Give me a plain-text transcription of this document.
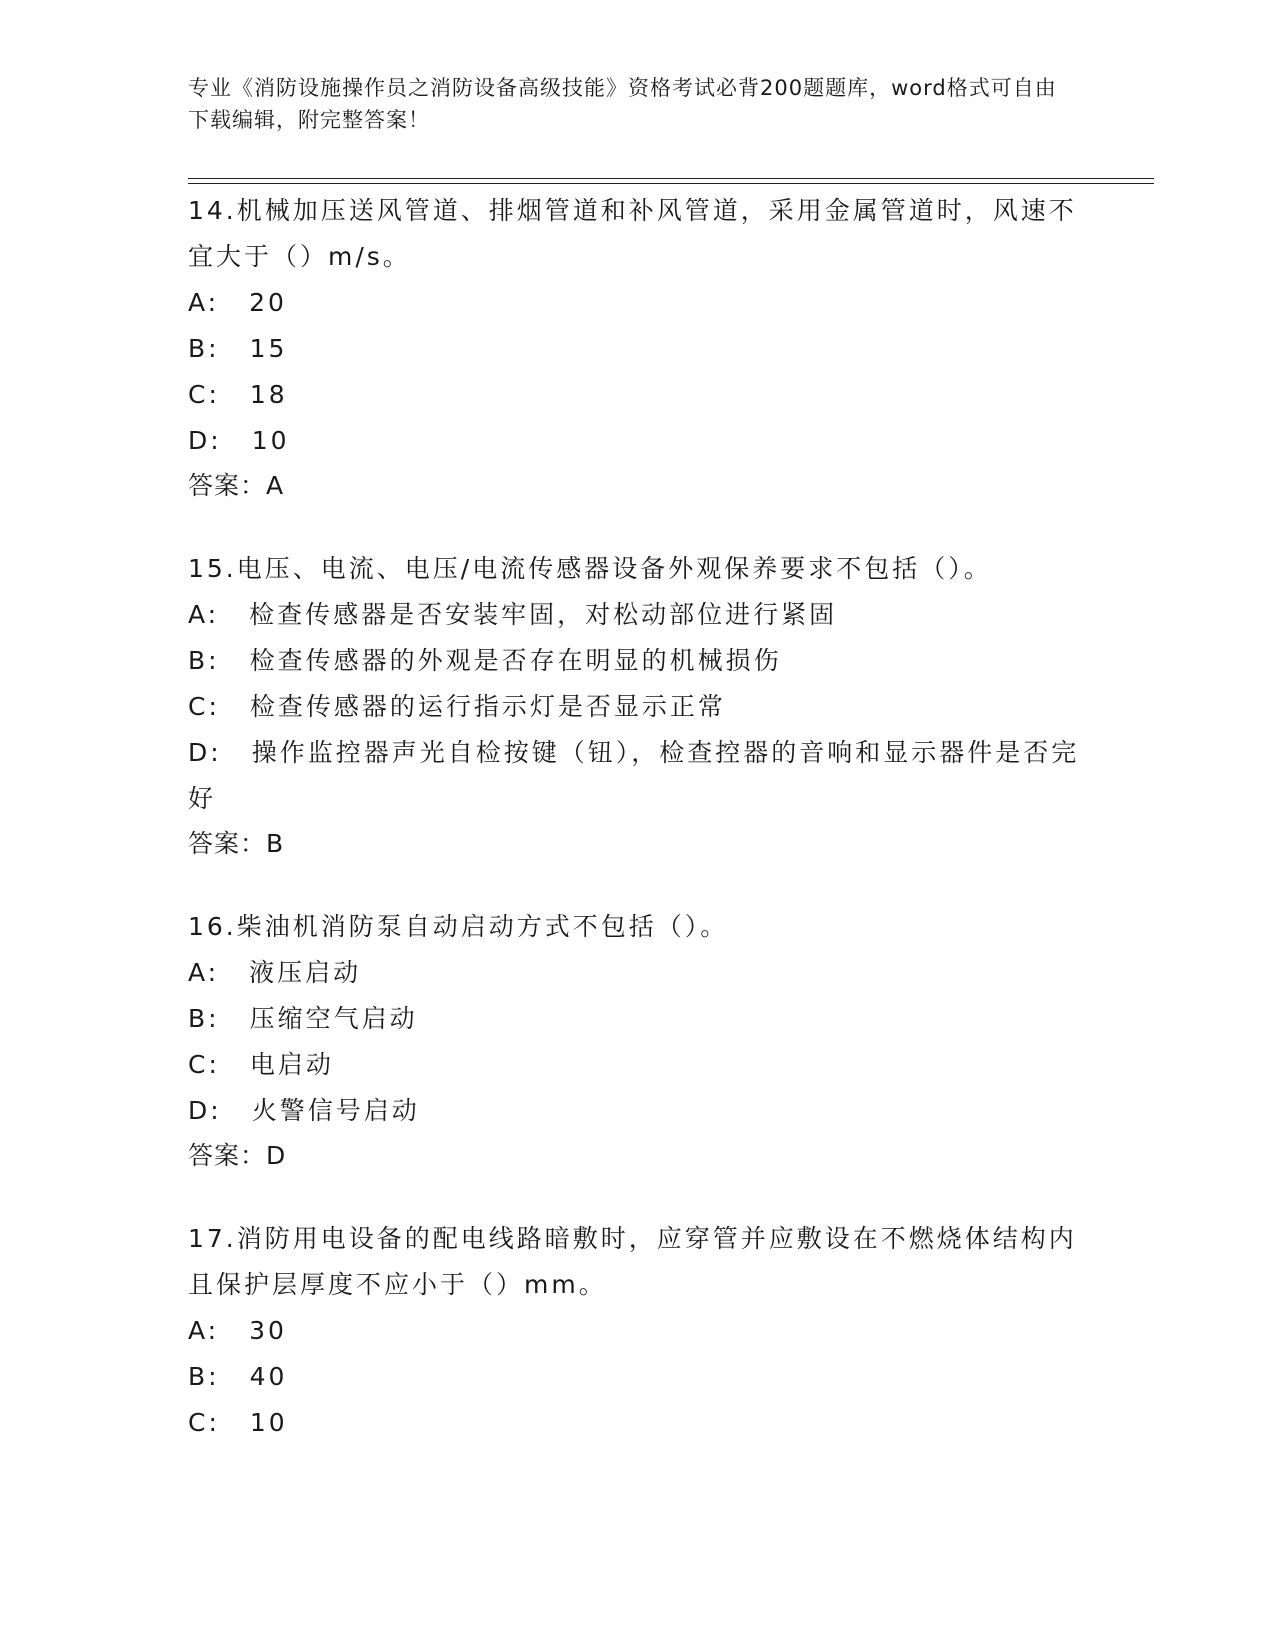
专业《消防设施操作员之消防设备高级技能》资格考试必背200题题库，word格式可自由下载编辑，附完整答案！
14.机械加压送风管道、排烟管道和补风管道，采用金属管道时，风速不宜大于（）m/s。
A: 20
B: 15
C: 18
D: 10
答案：A
15.电压、电流、电压/电流传感器设备外观保养要求不包括（）。
A: 检查传感器是否安装牢固，对松动部位进行紧固
B: 检查传感器的外观是否存在明显的机械损伤
C: 检查传感器的运行指示灯是否显示正常
D: 操作监控器声光自检按键（钮），检查控器的音响和显示器件是否完好
答案：B
16.柴油机消防泵自动启动方式不包括（）。
A: 液压启动
B: 压缩空气启动
C: 电启动
D: 火警信号启动
答案：D
17.消防用电设备的配电线路暗敷时，应穿管并应敷设在不燃烧体结构内且保护层厚度不应小于（）mm。
A: 30
B: 40
C: 10
